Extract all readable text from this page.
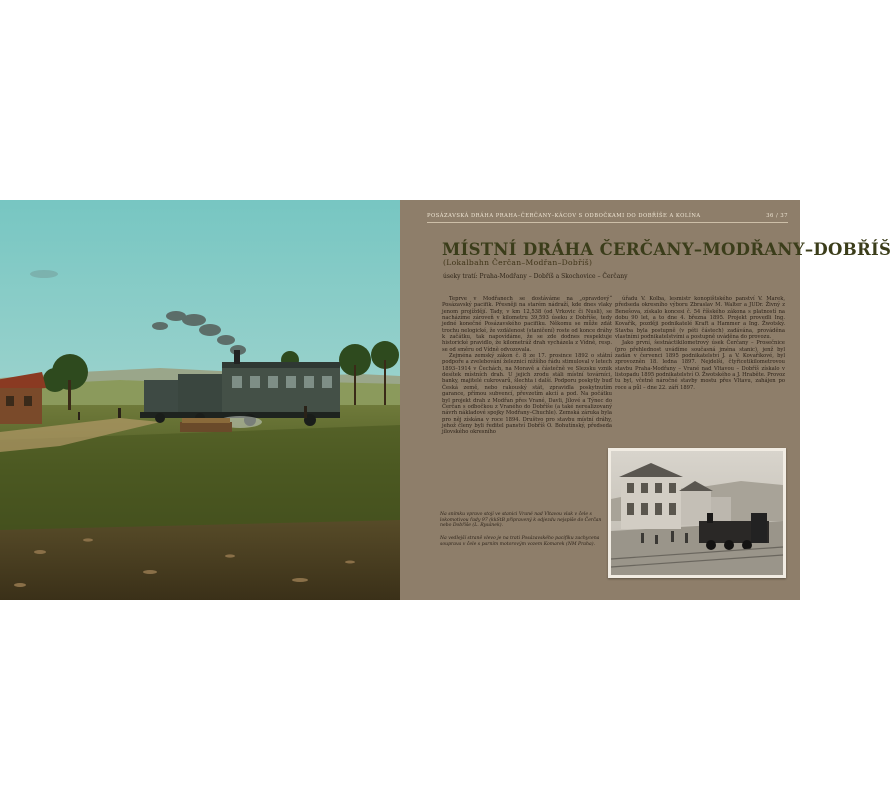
POSÁZAVSKÁ DRÁHA PRAHA–ČERČANY–KÁCOV S ODBOČKAMI DO DOBŘÍŠE A KOLÍNA	36 / 37
MÍSTNÍ DRÁHA ČERČANY–MODŘANY–DOBŘÍŠ
(Lokalbahn Čerčan–Modřan–Dobříš)
úseky tratí: Praha-Modřany – Dobříš a Skochovice – Čerčany

Teprve v Modřanech se dostáváme na „opravdový“ Posázavský pacifik. Přesněji na starém nádraží, kde dnes vlaky jenom projíždějí. Tady, v km 12,538 (od Vrkovic či Nusli), se nacházíme zároveň v kilometru 39,593 úseku z Dobříše, tedy jedné konečné Posázavského pacifiku. Někomu se může zdát trochu nelogické, že vzdálenost (staničení) roste od konce dráhy k začátku, tak napovídáme, že se zde dodnes respektuje historické pravidlo, že kilometráž drah vycházela z Vídně, resp. se od směru od Vídně odvozovala.

Zejména zemský zákon č. 8 ze 17. prosince 1892 o státní podpoře a zvelebování železnicí nižšího řádu stimuloval v letech 1893–1914 v Čechách, na Moravě a částečně ve Slezsku vznik desítek místních drah. U jejich zrodu stáli místní továrníci, banky, majitelé cukrovarů, šlechta i další. Podporu poskytly buď Česká země, nebo rakouský stát, zpravidla poskytnutím garance, přímou subvencí, převzetím akcií a pod. Na počátku byl projekt drah z Modřan přes Vrané, Davli, Jílové a Týnec do Čerčan s odbočkou z Vraného do Dobříše (a také nerealizovaný návrh nákladové spojky Modřany–Chuchle). Zemská záruka byla pro něj získána v roce 1894. Društvo pro stavbu místní dráhy, jehož členy byli ředitel panství Dobříš O. Bohutínský, předseda jílovského okresního

úřadu V. Kolba, lesmistr konopištského panství V. Marek, předseda okresního výboru Zbraslav M. Walter a JUDr. Živný z Benešova, získalo koncesi č. 54 říšského zákona s platností na dobu 90 let, a to dne 4. března 1895. Projekt provedli Ing. Kovařík, později podnikatelé Kraft a Hammer a Ing. Žwotský. Stavba byla postupně (v péti částech) zadávána, prováděna vlastními podnikatelstvími a postupně uváděna do provozu.

Jako první, šestnáctikilometrový úsek Čerčany – Prosečnice (pro přehlednost uvádíme současná jména stanic), jenž byl zadán v červenci 1895 podnikatelství J. a V. Kovaříkové, byl zprovozněn 18. ledna 1897. Nejdelší, čtyřicetikilometrovou stavbu Praha-Modřany – Vrané nad Vltavou – Dobříš získalo v listopadu 1895 podnikatelství O. Žwotského a J. Hraběte. Provoz tu byl, včetně náročné stavby mostu přes Vltavu, zahájen po roce a půl – dne 22. září 1897.

Na snímku vpravo stojí ve stanici Vrané nad Vltavou vlak v čele s lokomotivou řady 97 (kkStB připravený k odjezdu nejspíše do Čerčan nebo Dobříše (L. Rysánek).
Na vedlejší straně vlevo je na trati Posázavského pacifiku zachycena souprava v čele s parním motorovým vozem Komarek (NM Praha).
